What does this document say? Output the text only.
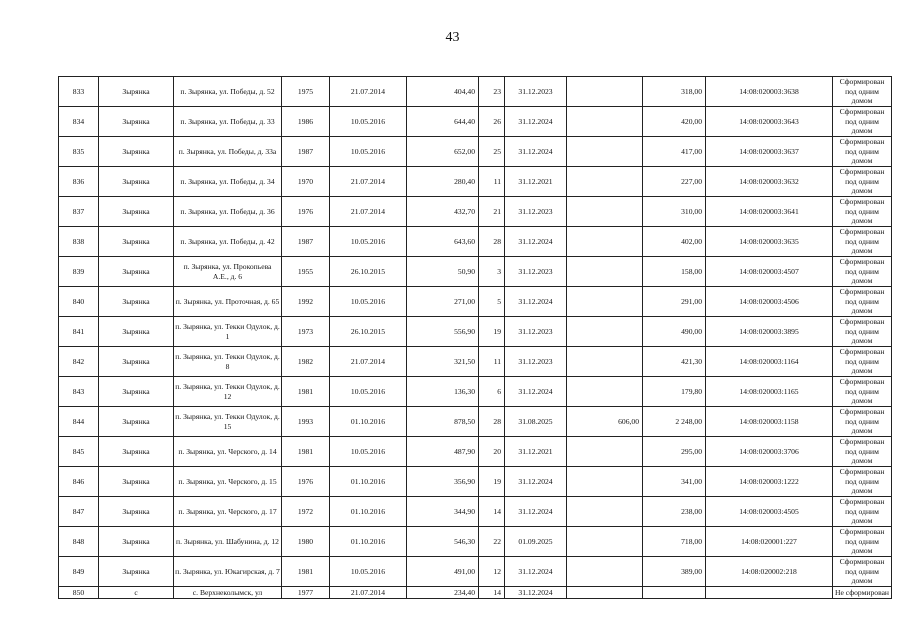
43
833	Зырянка	п. Зырянка, ул. Победы, д. 52	1975	21.07.2014	404,40	23	31.12.2023		318,00	14:08:020003:3638	Сформирован под одним домом
834	Зырянка	п. Зырянка, ул. Победы, д. 33	1986	10.05.2016	644,40	26	31.12.2024		420,00	14:08:020003:3643	Сформирован под одним домом
835	Зырянка	п. Зырянка, ул. Победы, д. 33а	1987	10.05.2016	652,00	25	31.12.2024		417,00	14:08:020003:3637	Сформирован под одним домом
836	Зырянка	п. Зырянка, ул. Победы, д. 34	1970	21.07.2014	280,40	11	31.12.2021		227,00	14:08:020003:3632	Сформирован под одним домом
837	Зырянка	п. Зырянка, ул. Победы, д. 36	1976	21.07.2014	432,70	21	31.12.2023		310,00	14:08:020003:3641	Сформирован под одним домом
838	Зырянка	п. Зырянка, ул. Победы, д. 42	1987	10.05.2016	643,60	28	31.12.2024		402,00	14:08:020003:3635	Сформирован под одним домом
839	Зырянка	п. Зырянка, ул. Прокопьева А.Е., д. 6	1955	26.10.2015	50,90	3	31.12.2023		158,00	14:08:020003:4507	Сформирован под одним домом
840	Зырянка	п. Зырянка, ул. Проточная, д. 65	1992	10.05.2016	271,00	5	31.12.2024		291,00	14:08:020003:4506	Сформирован под одним домом
841	Зырянка	п. Зырянка, ул. Текки Одулок, д. 1	1973	26.10.2015	556,90	19	31.12.2023		490,00	14:08:020003:3895	Сформирован под одним домом
842	Зырянка	п. Зырянка, ул. Текки Одулок, д. 8	1982	21.07.2014	321,50	11	31.12.2023		421,30	14:08:020003:1164	Сформирован под одним домом
843	Зырянка	п. Зырянка, ул. Текки Одулок, д. 12	1981	10.05.2016	136,30	6	31.12.2024		179,80	14:08:020003:1165	Сформирован под одним домом
844	Зырянка	п. Зырянка, ул. Текки Одулок, д. 15	1993	01.10.2016	878,50	28	31.08.2025	606,00	2 248,00	14:08:020003:1158	Сформирован под одним домом
845	Зырянка	п. Зырянка, ул. Черского, д. 14	1981	10.05.2016	487,90	20	31.12.2021		295,00	14:08:020003:3706	Сформирован под одним домом
846	Зырянка	п. Зырянка, ул. Черского, д. 15	1976	01.10.2016	356,90	19	31.12.2024		341,00	14:08:020003:1222	Сформирован под одним домом
847	Зырянка	п. Зырянка, ул. Черского, д. 17	1972	01.10.2016	344,90	14	31.12.2024		238,00	14:08:020003:4505	Сформирован под одним домом
848	Зырянка	п. Зырянка, ул. Шабунина, д. 12	1980	01.10.2016	546,30	22	01.09.2025		718,00	14:08:020001:227	Сформирован под одним домом
849	Зырянка	п. Зырянка, ул. Юкагирская, д. 7	1981	10.05.2016	491,00	12	31.12.2024		389,00	14:08:020002:218	Сформирован под одним домом
850	с	с. Верхнеколымск, ул	1977	21.07.2014	234,40	14	31.12.2024				Не сформирован
